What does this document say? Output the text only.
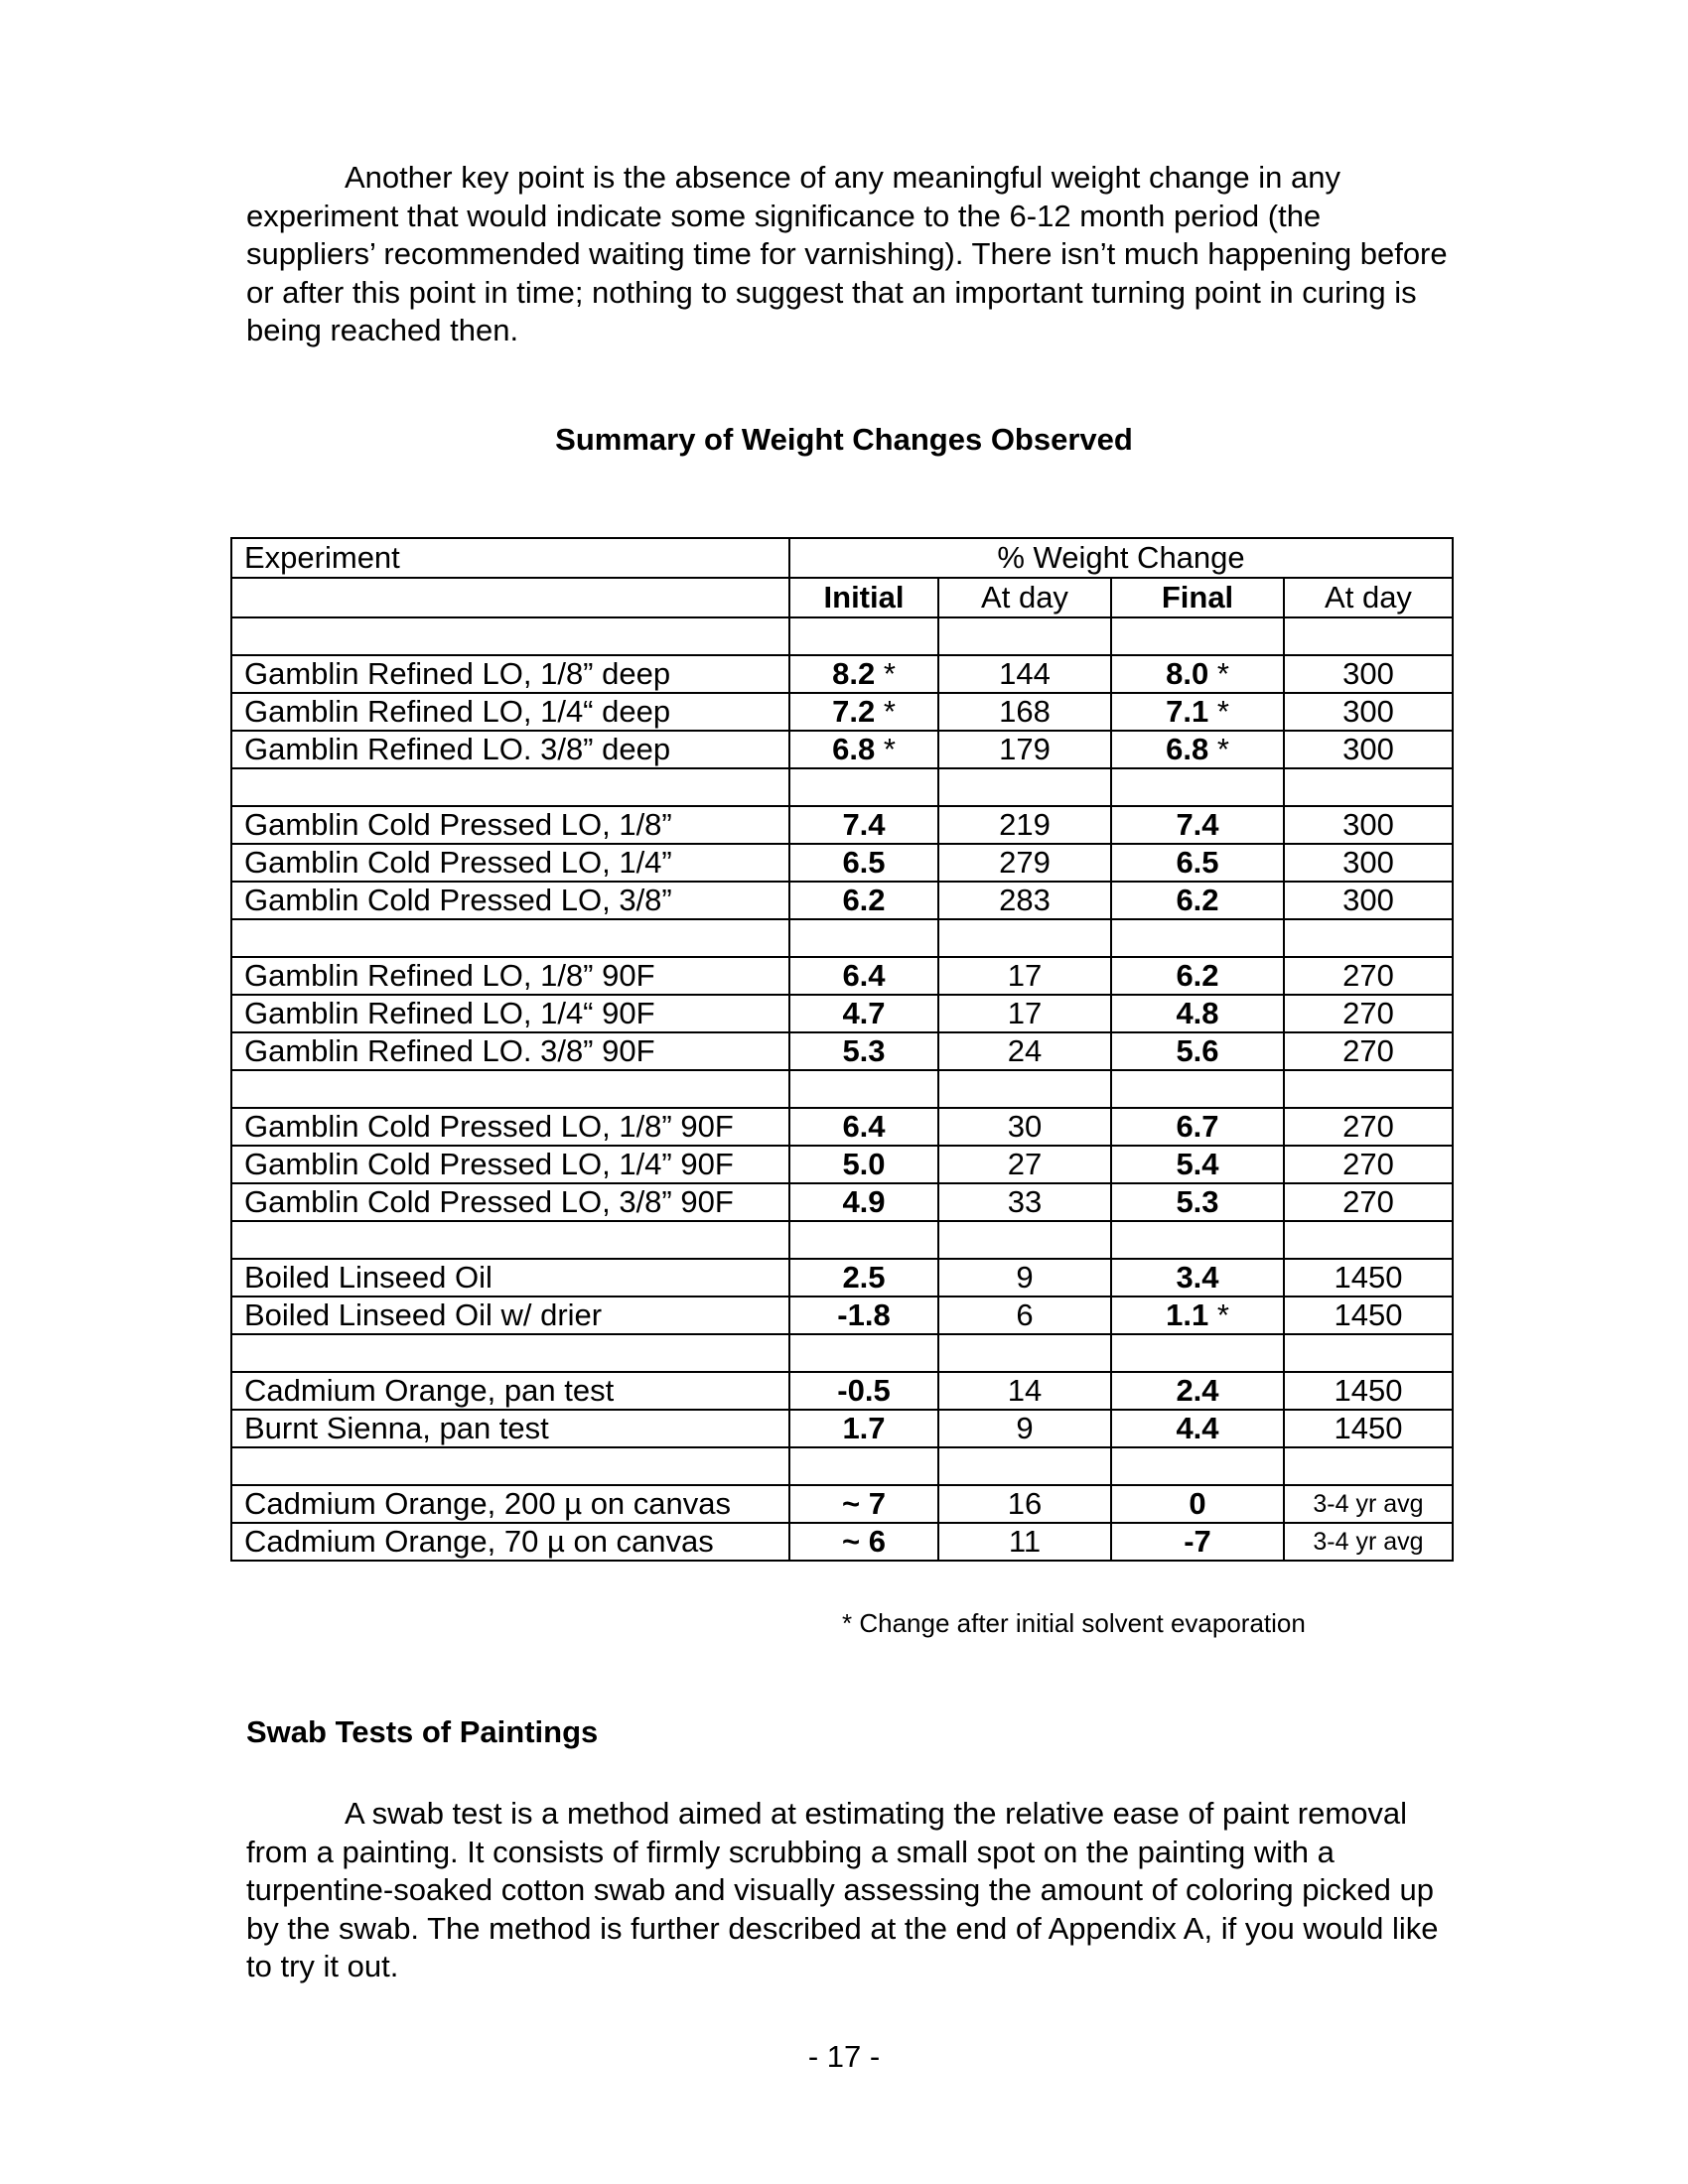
Another key point is the absence of any meaningful weight change in any experiment that would indicate some significance to the 6-12 month period (the suppliers’ recommended waiting time for varnishing). There isn’t much happening before or after this point in time; nothing to suggest that an important turning point in curing is being reached then.

Summary of Weight Changes Observed

Experiment	% Weight Change			
	Initial	At day	Final	At day

Gamblin Refined LO, 1/8” deep	8.2 *	144	8.0 *	300
Gamblin Refined LO, 1/4“ deep	7.2 *	168	7.1 *	300
Gamblin Refined LO. 3/8” deep	6.8 *	179	6.8 *	300

Gamblin Cold Pressed LO, 1/8”	7.4	219	7.4	300
Gamblin Cold Pressed LO, 1/4”	6.5	279	6.5	300
Gamblin Cold Pressed LO, 3/8”	6.2	283	6.2	300

Gamblin Refined LO, 1/8” 90F	6.4	17	6.2	270
Gamblin Refined LO, 1/4“ 90F	4.7	17	4.8	270
Gamblin Refined LO. 3/8” 90F	5.3	24	5.6	270

Gamblin Cold Pressed LO, 1/8” 90F	6.4	30	6.7	270
Gamblin Cold Pressed LO, 1/4” 90F	5.0	27	5.4	270
Gamblin Cold Pressed LO, 3/8” 90F	4.9	33	5.3	270

Boiled Linseed Oil	2.5	9	3.4	1450
Boiled Linseed Oil w/ drier	-1.8	6	1.1 *	1450

Cadmium Orange, pan test	-0.5	14	2.4	1450
Burnt Sienna, pan test	1.7	9	4.4	1450

Cadmium Orange, 200 µ on canvas	~ 7	16	0	3-4 yr avg
Cadmium Orange, 70 µ on canvas	~ 6	11	-7	3-4 yr avg

* Change after initial solvent evaporation

Swab Tests of Paintings

A swab test is a method aimed at estimating the relative ease of paint removal from a painting. It consists of firmly scrubbing a small spot on the painting with a turpentine-soaked cotton swab and visually assessing the amount of coloring picked up by the swab. The method is further described at the end of Appendix A, if you would like to try it out.

- 17 -
